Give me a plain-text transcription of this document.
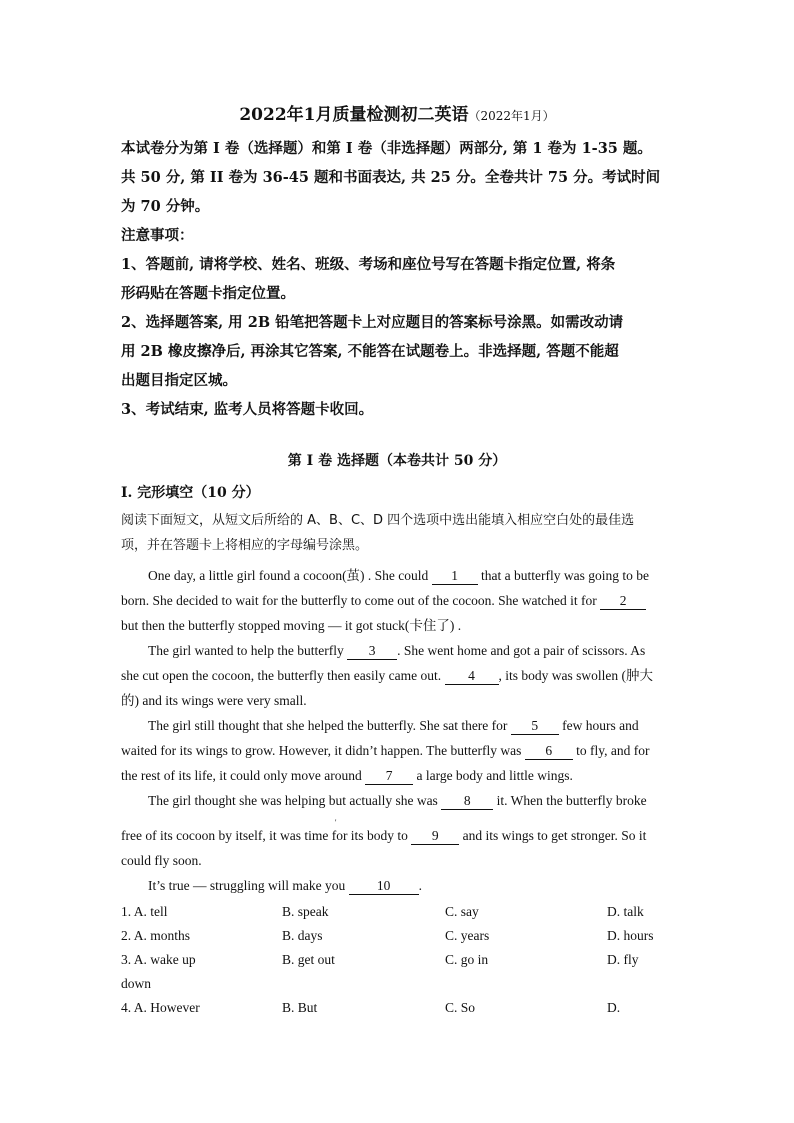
2022年1月质量检测初二英语（2022年1月）
本试卷分为第 I 卷（选择题）和第 I 卷（非选择题）两部分, 第 1 卷为 1-35 题。
共 50 分, 第 II 卷为 36-45 题和书面表达, 共 25 分。全卷共计 75 分。考试时间
为 70 分钟。
注意事项：
1、答题前, 请将学校、姓名、班级、考场和座位号写在答题卡指定位置, 将条
形码贴在答题卡指定位置。
2、选择题答案, 用 2B 铅笔把答题卡上对应题目的答案标号涂黑。如需改动请
用 2B 橡皮擦净后, 再涂其它答案, 不能答在试题卷上。非选择题, 答题不能超
出题目指定区城。
3、考试结束, 监考人员将答题卡收回。
第 I 卷 选择题（本卷共计 50 分）
I. 完形填空（10 分）
阅读下面短文，从短文后所给的 A、B、C、D 四个选项中选出能填入相应空白处的最佳选
项，并在答题卡上将相应的字母编号涂黑。
One day, a little girl found a cocoon(茧) . She could 1 that a butterfly was going to be
born. She decided to wait for the butterfly to come out of the cocoon. She watched it for 2
but then the butterfly stopped moving — it got stuck(卡住了) .
The girl wanted to help the butterfly 3 . She went home and got a pair of scissors. As
she cut open the cocoon, the butterfly then easily came out. 4 , its body was swollen (肿大
的) and its wings were very small.
The girl still thought that she helped the butterfly. She sat there for 5 few hours and
waited for its wings to grow. However, it didn’t happen. The butterfly was 6 to fly, and for
the rest of its life, it could only move around 7 a large body and little wings.
The girl thought she was helping but actually she was 8 it. When the butterfly broke
free of its cocoon by itself, it was time for its body to 9 and its wings to get stronger. So it
could fly soon.
It’s true — struggling will make you 10 .
'
1. A. tell	B. speak	C. say	D. talk
2. A. months	B. days	C. years	D. hours
3. A. wake up	B. get out	C. go in	D. fly
down
4. A. However	B. But	C. So	D.
